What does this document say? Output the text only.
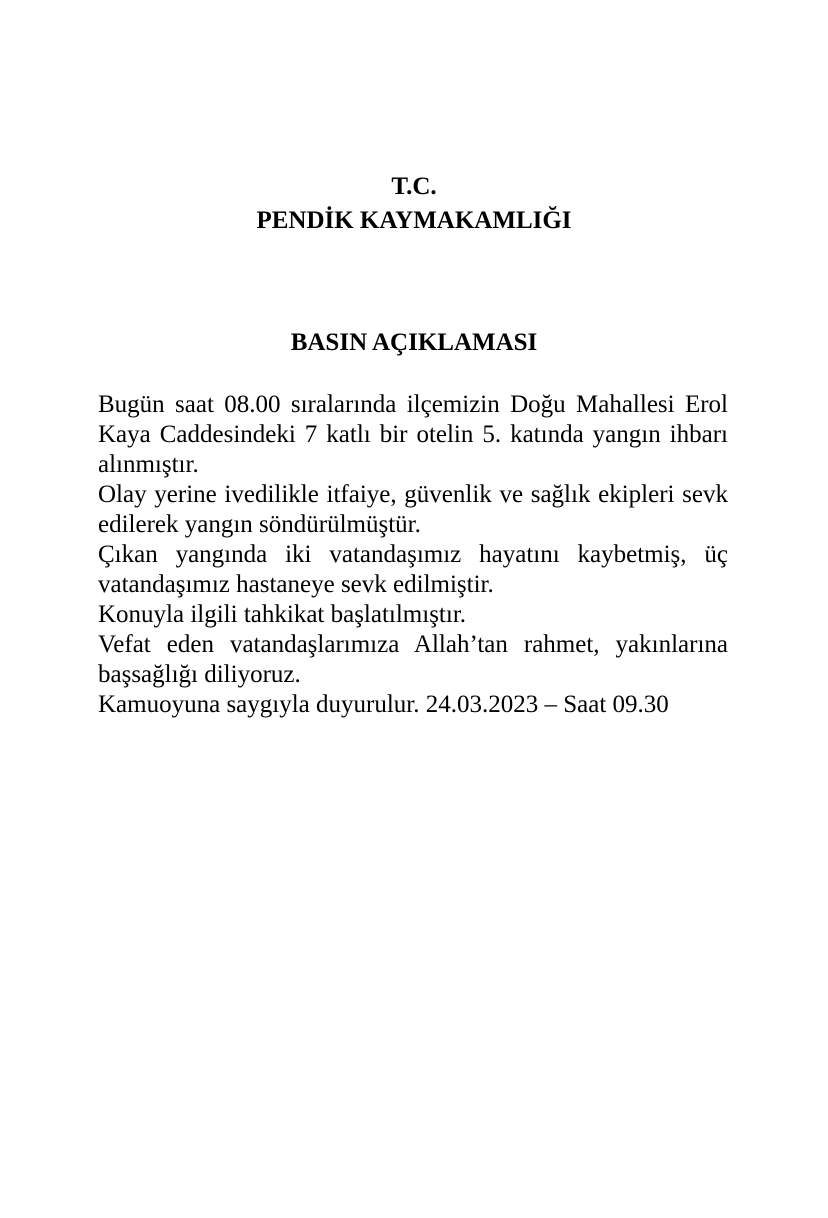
T.C.
PENDİK KAYMAKAMLIĞI
BASIN AÇIKLAMASI

Bugün saat 08.00 sıralarında ilçemizin Doğu Mahallesi Erol Kaya Caddesindeki 7 katlı bir otelin 5. katında yangın ihbarı alınmıştır.

Olay yerine ivedilikle itfaiye, güvenlik ve sağlık ekipleri sevk edilerek yangın söndürülmüştür.

Çıkan yangında iki vatandaşımız hayatını kaybetmiş, üç vatandaşımız hastaneye sevk edilmiştir.

Konuyla ilgili tahkikat başlatılmıştır.

Vefat eden vatandaşlarımıza Allah’tan rahmet, yakınlarına başsağlığı diliyoruz.

Kamuoyuna saygıyla duyurulur. 24.03.2023 – Saat 09.30
